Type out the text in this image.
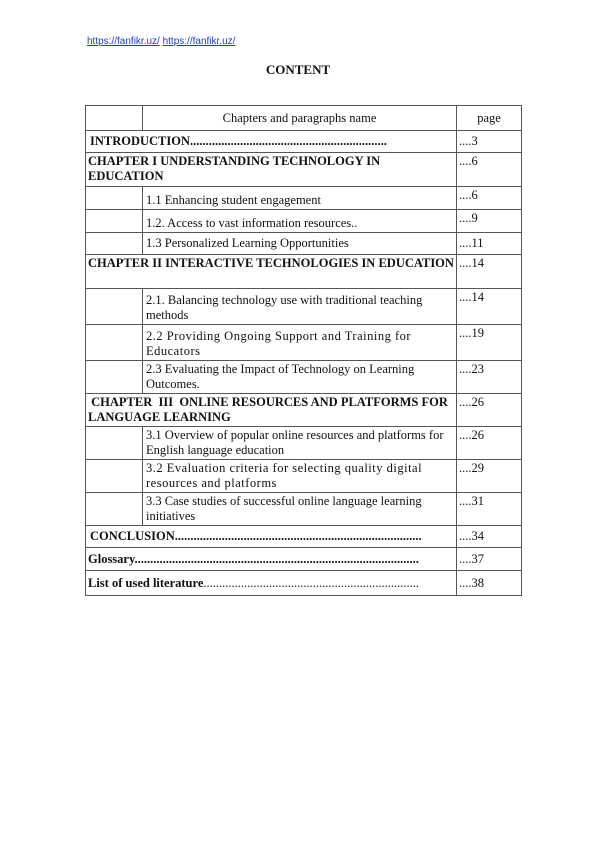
https://fanfikr.uz/ https://fanfikr.uz/
CONTENT
	Chapters and paragraphs name	page
INTRODUCTION...............................................................		....3
CHAPTER I UNDERSTANDING TECHNOLOGY IN EDUCATION		....6
	1.1 Enhancing student engagement	....6
	1.2. Access to vast information resources..	....9
	1.3 Personalized Learning Opportunities	....11
CHAPTER II INTERACTIVE TECHNOLOGIES IN EDUCATION		....14
	2.1. Balancing technology use with traditional teaching methods	....14
	2.2 Providing Ongoing Support and Training for Educators	....19
	2.3 Evaluating the Impact of Technology on Learning Outcomes.	....23
CHAPTER  III  ONLINE RESOURCES AND PLATFORMS FOR LANGUAGE LEARNING		....26
	3.1 Overview of popular online resources and platforms for English language education	....26
	3.2 Evaluation criteria for selecting quality digital resources and platforms	....29
	3.3 Case studies of successful online language learning initiatives	....31
CONCLUSION...............................................................................		....34
Glossary...........................................................................................		....37
List of used literature.....................................................................		....38
